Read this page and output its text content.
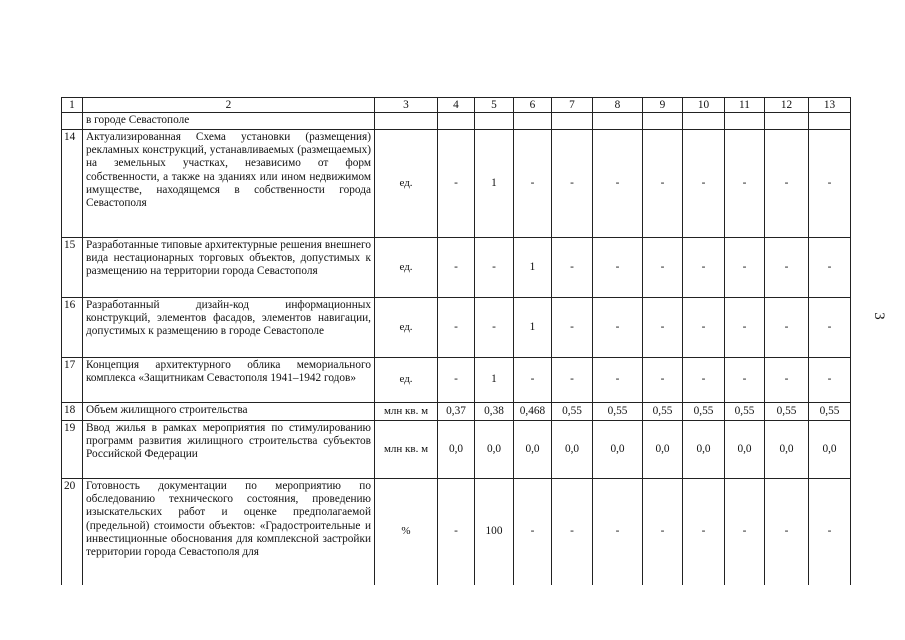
1	2	3	4	5	6	7	8	9	10	11	12	13
	в городе Севастополе											
14	Актуализированная Схема установки (размещения) рекламных конструкций, устанавливаемых (размещаемых) на земельных участках, независимо от форм собственности, а также на зданиях или ином недвижимом имуществе, находящемся в собственности города Севастополя	ед.	-	1	-	-	-	-	-	-	-	-
15	Разработанные типовые архитектурные решения внешнего вида нестационарных торговых объектов, допустимых к размещению на территории города Севастополя	ед.	-	-	1	-	-	-	-	-	-	-
16	Разработанный дизайн-код информационных конструкций, элементов фасадов, элементов навигации, допустимых к размещению в городе Севастополе	ед.	-	-	1	-	-	-	-	-	-	-
17	Концепция архитектурного облика мемориального комплекса «Защитникам Севастополя 1941–1942 годов»	ед.	-	1	-	-	-	-	-	-	-	-
18	Объем жилищного строительства	млн кв. м	0,37	0,38	0,468	0,55	0,55	0,55	0,55	0,55	0,55	0,55
19	Ввод жилья в рамках мероприятия по стимулированию программ развития жилищного строительства субъектов Российской Федерации	млн кв. м	0,0	0,0	0,0	0,0	0,0	0,0	0,0	0,0	0,0	0,0
20	Готовность документации по мероприятию по обследованию технического состояния, проведению изыскательских работ и оценке предполагаемой (предельной) стоимости объектов: «Градостроительные и инвестиционные обоснования для комплексной застройки территории города Севастополя для	%	-	100	-	-	-	-	-	-	-	-
3
